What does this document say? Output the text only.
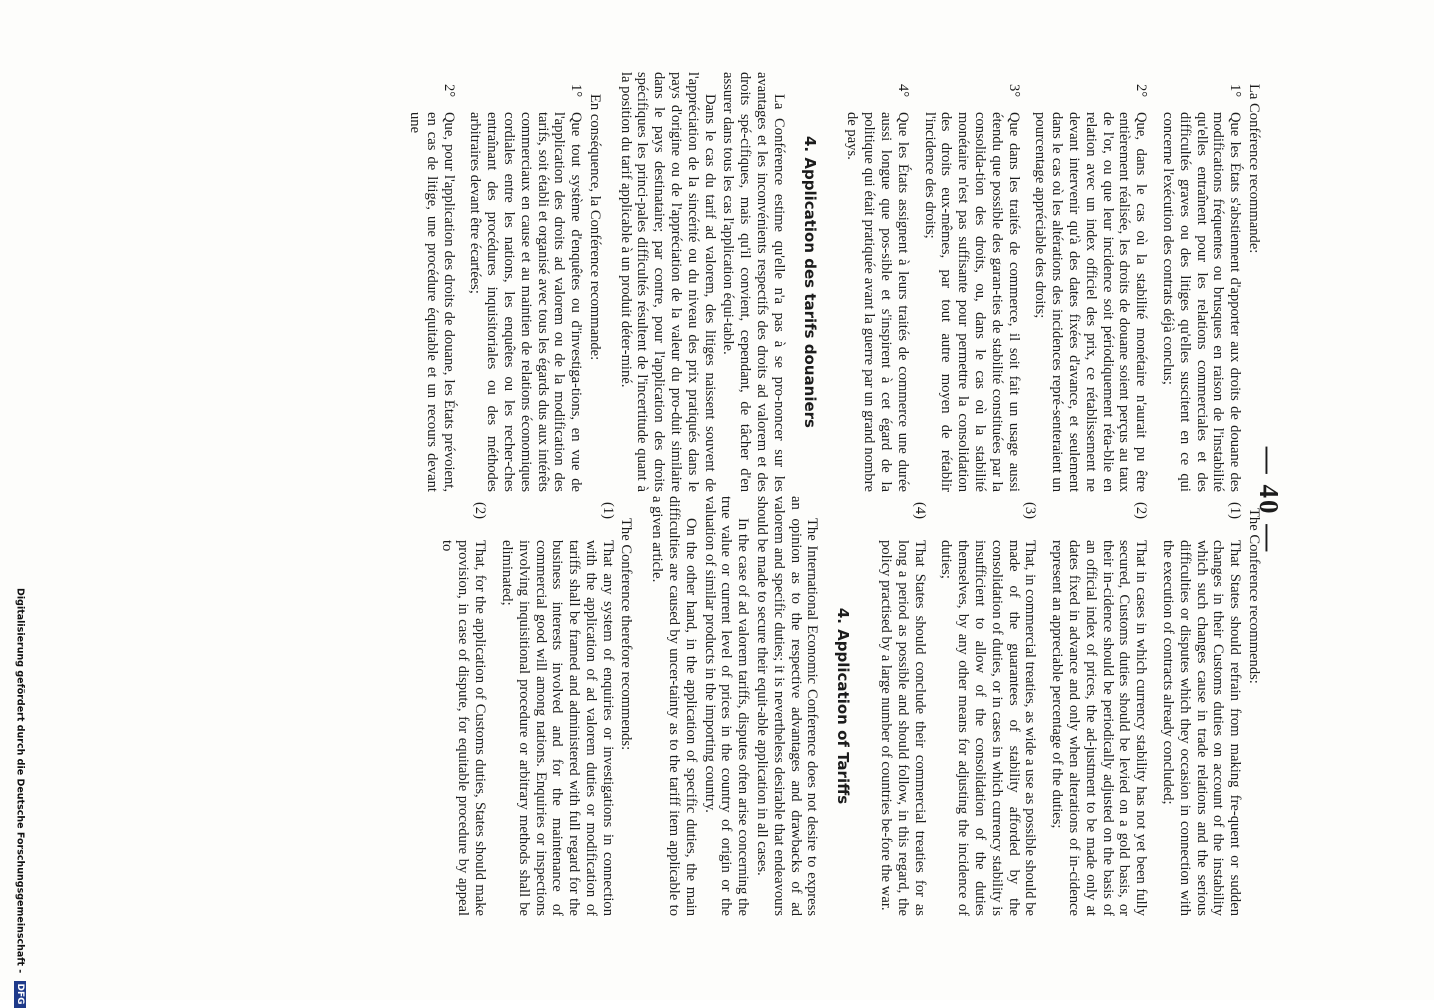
— 40 —

La Conférence recommande:

1°
Que les États s'abstiennent d'apporter aux droits de douane des modifications fréquentes ou brusques en raison de l'instabilité qu'elles entraînent pour les relations commerciales et des difficultés graves ou des litiges qu'elles suscitent en ce qui concerne l'exécution des contrats déjà conclus;
2°
Que, dans le cas où la stabilité monétaire n'aurait pu être entièrement réalisée, les droits de douane soient perçus au taux de l'or, ou que leur incidence soit périodiquement réta-blie en relation avec un index officiel des prix, ce rétablissement ne devant intervenir qu'à des dates fixées d'avance, et seulement dans le cas où les altérations des incidences repré-senteraient un pourcentage appréciable des droits;
3°
Que dans les traités de commerce, il soit fait un usage aussi étendu que possible des garan-ties de stabilité constituées par la consolida-tion des droits, ou, dans le cas où la stabilité monétaire n'est pas suffisante pour permettre la consolidation des droits eux-mêmes, par tout autre moyen de rétablir l'incidence des droits;
4°
Que les États assignent à leurs traités de commerce une durée aussi longue que pos-sible et s'inspirent à cet égard de la politique qui était pratiquée avant la guerre par un grand nombre de pays.
4. Application des tarifs douaniers

La Conférence estime qu'elle n'a pas à se pro-noncer sur les avantages et les inconvénients respectifs des droits ad valorem et des droits spé-cifiques, mais qu'il convient, cependant, de tâcher d'en assurer dans tous les cas l'application équi-table.

Dans le cas du tarif ad valorem, des litiges naissent souvent de l'appréciation de la sincérité ou du niveau des prix pratiqués dans le pays d'origine ou de l'appréciation de la valeur du pro-duit similaire dans le pays destinataire; par contre, pour l'application des droits spécifiques les princi-pales difficultés résultent de l'incertitude quant à la position du tarif applicable à un produit déter-miné.

En conséquence, la Conférence recommande:

1°
Que tout système d'enquêtes ou d'investiga-tions, en vue de l'application des droits ad valorem ou de la modification des tarifs, soit établi et organisé avec tous les égards dus aux intérêts commerciaux en cause et au maintien de relations économiques cordiales entre les nations, les enquêtes ou les recher-ches entraînant des procédures inquisitoriales ou des méthodes arbitraires devant être écartées;
2°
Que, pour l'application des droits de douane, les États prévoient, en cas de litige, une procédure équitable et un recours devant une

The Conference recommends:

(1)
That States should refrain from making fre-quent or sudden changes in their Customs duties on account of the instability which such changes cause in trade relations and the serious difficulties or disputes which they occasion in connection with the execution of contracts already concluded;
(2)
That in cases in which currency stability has not yet been fully secured, Customs duties should be levied on a gold basis, or their in-cidence should be periodically adjusted on the basis of an official index of prices, the ad-justment to be made only at dates fixed in advance and only when alterations of in-cidence represent an appreciable percentage of the duties;
(3)
That, in commercial treaties, as wide a use as possible should be made of the guarantees of stability afforded by the consolidation of duties, or in cases in which currency stability is insufficient to allow of the consolidation of the duties themselves, by any other means for adjusting the incidence of duties;
(4)
That States should conclude their commercial treaties for as long a period as possible and should follow, in this regard, the policy practised by a large number of countries be-fore the war.
4. Application of Tariffs

The International Economic Conference does not desire to express an opinion as to the respective advantages and drawbacks of ad valorem and specific duties; it is nevertheless desirable that endeavours should be made to secure their equit-able application in all cases.

In the case of ad valorem tariffs, disputes often arise concerning the true value or current level of prices in the country of origin or the valuation of similar products in the importing country.

On the other hand, in the application of specific duties, the main difficulties are caused by uncer-tainty as to the tariff item applicable to a given article.

The Conference therefore recommends:

(1)
That any system of enquiries or investigations in connection with the application of ad valorem duties or modification of tariffs shall be framed and administered with full regard for the business interests involved and for the maintenance of commercial good will among nations. Enquiries or inspections involving inquisitional procedure or arbitrary methods shall be eliminated;
(2)
That, for the application of Customs duties, States should make provision, in case of dispute, for equitable procedure by appeal to
Digitalisierung gefördert durch die Deutsche Forschungsgemeinschaft - DFG
